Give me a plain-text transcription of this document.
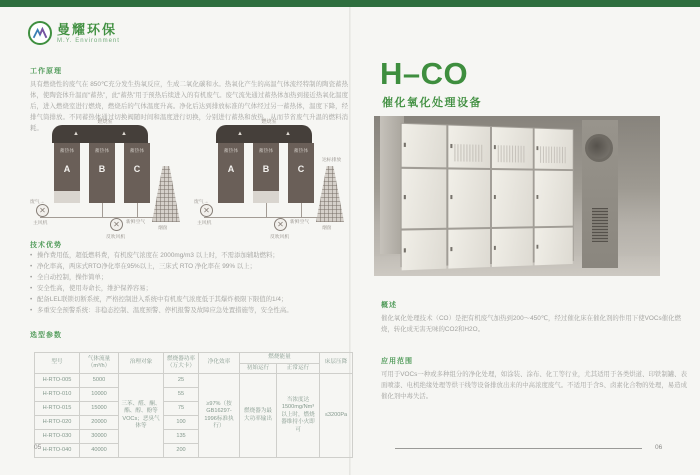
曼耀环保
M.Y. Environment
工作原理
具有燃烧性的废气在 850℃充分发生热氧反应，生成二氧化碳和水。热氧化产生的高温气体流经特制的陶瓷蓄热体，使陶瓷体升温而“蓄热”，此“蓄热”用于预热后续进入的有机废气。废气流先通过蓄热体加热到接近热氧化温度后，进入燃烧室进行燃烧，燃烧后的气体温度升高。净化后达到排放标准的气体经过另一蓄热体，温度下降，经排气筒排放。不同蓄热体通过切换阀随时间和温度进行切换，分别进行蓄热和放热，从而节省废气升温的燃料消耗。
燃烧室
▲	▲
蓄热体
A
蓄热体
B
蓄热体
C
✕
废气→
主风机	✕	新鲜空气
反吹风机
烟囱
燃烧室
▲	▲
蓄热体
A
蓄热体
B
蓄热体
C
✕
废气→
主风机	✕	新鲜空气
反吹风机
烟囱
达标排放
技术优势
• 操作费用低，超低燃料费，有机废气浓度在 2000mg/m3 以上时，不需添加辅助燃料；
• 净化率高，两床式RTO净化率在95%以上，三床式 RTO 净化率在 99% 以上；
• 全自动控制，操作简单；
• 安全性高，使用寿命长，维护保养容易；
• 配备LEL联锁切断系统，严格控制进入系统中有机废气浓度低于其爆炸极限下限值的1/4；
• 多重安全预警系统：非稳态控制、温度预警、停机报警及故障应急处置措施等，安全性高。
选型参数
型号	气体流量（m³/h）	治理对象	燃烧器功率（万大卡）	净化效率	燃烧能量		床层压降
					初始运行	正常运行	
H-RTO-005	5000	三苯、醛、酮、酯、醇、酚等VOCs；恶臭气体等	25	≥97%（按GB16297-1996标准执行）	燃烧器为最大功率输出	当浓度达 1500mg/Nm³ 以上时，燃烧器维持小火即可	≤3200Pa
H-RTO-010	10000		55				
H-RTO-015	15000		75				
H-RTO-020	20000		100				
H-RTO-030	30000		135				
H-RTO-040	40000		200				
05
H–CO
催化氧化处理设备
概述
催化氧化处理技术（CO）是把有机废气加热到200～450℃，经过催化床在催化剂的作用下使VOCs催化燃烧，转化成无害无味的CO2和H2O。
应用范围
可用于VOCs一种或多种组分的净化处理，如涂装、涂布、化工等行业，尤其适用于各类烘道、印铁制罐、表面喷漆、电机绝缘处理等烘干线等设备排放出来的中高浓度废气。不适用于含S、卤素化合物的处理，易造成催化剂中毒失活。
06
